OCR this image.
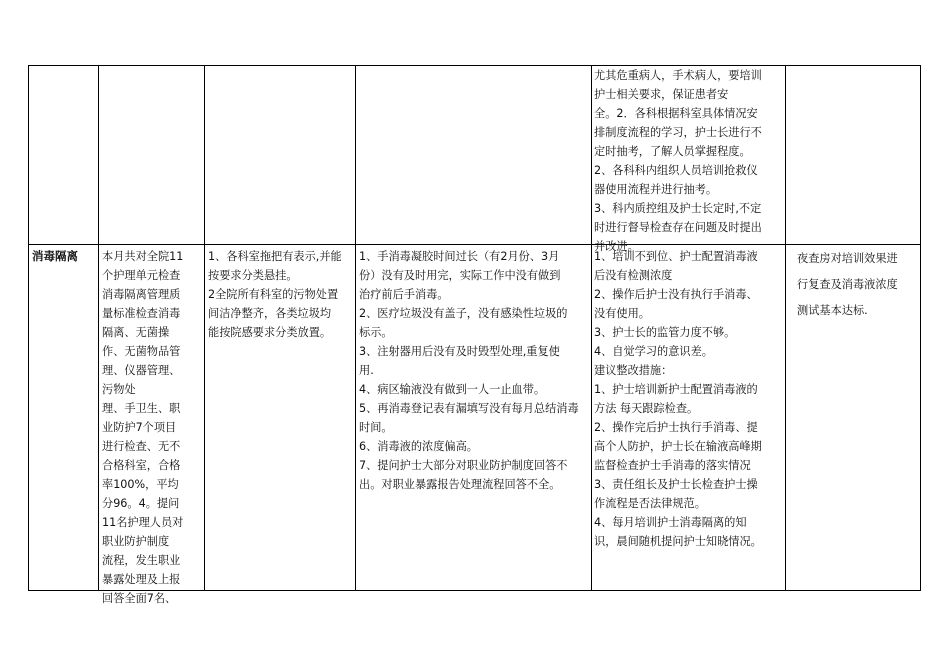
尤其危重病人，手术病人，要培训
护士相关要求，保证患者安
全。2．各科根据科室具体情况安
排制度流程的学习，护士长进行不
定时抽考，了解人员掌握程度。
2、各科科内组织人员培训抢救仪
器使用流程并进行抽考。
3、科内质控组及护士长定时,不定
时进行督导检查存在问题及时提出
并改进。
消毒隔离	本月共对全院11
个护理单元检查
消毒隔离管理质
量标准检查消毒
隔离、无菌操
作、无菌物品管
理、仪器管理、
污物处
理、手卫生、职
业防护7个项目
进行检查、无不
合格科室，合格
率100%，平均
分96。4。提问
11名护理人员对
职业防护制度
流程，发生职业
暴露处理及上报
回答全面7名、
1、各科室拖把有表示,并能
按要求分类悬挂。
2全院所有科室的污物处置
间洁净整齐，各类垃圾均
能按院感要求分类放置。
1、手消毒凝胶时间过长（有2月份、3月
份）没有及时用完，实际工作中没有做到
治疗前后手消毒。
2、医疗垃圾没有盖子，没有感染性垃圾的
标示。
3、注射器用后没有及时毁型处理,重复使
用.
4、病区输液没有做到一人一止血带。
5、再消毒登记表有漏填写没有每月总结消毒
时间。
6、消毒液的浓度偏高。
7、提问护士大部分对职业防护制度回答不
出。对职业暴露报告处理流程回答不全。
1、培训不到位、护士配置消毒液
后没有检测浓度
2、操作后护士没有执行手消毒、
没有使用。
3、护士长的监管力度不够。
4、自觉学习的意识差。
建议整改措施：
1、护士培训新护士配置消毒液的
方法 每天跟踪检查。
2、操作完后护士执行手消毒、提
高个人防护，护士长在输液高峰期
监督检查护士手消毒的落实情况
3、责任组长及护士长检查护士操
作流程是否法律规范。
4、每月培训护士消毒隔离的知
识，晨间随机提问护士知晓情况。
夜查房对培训效果进
行复查及消毒液浓度
测试基本达标.
